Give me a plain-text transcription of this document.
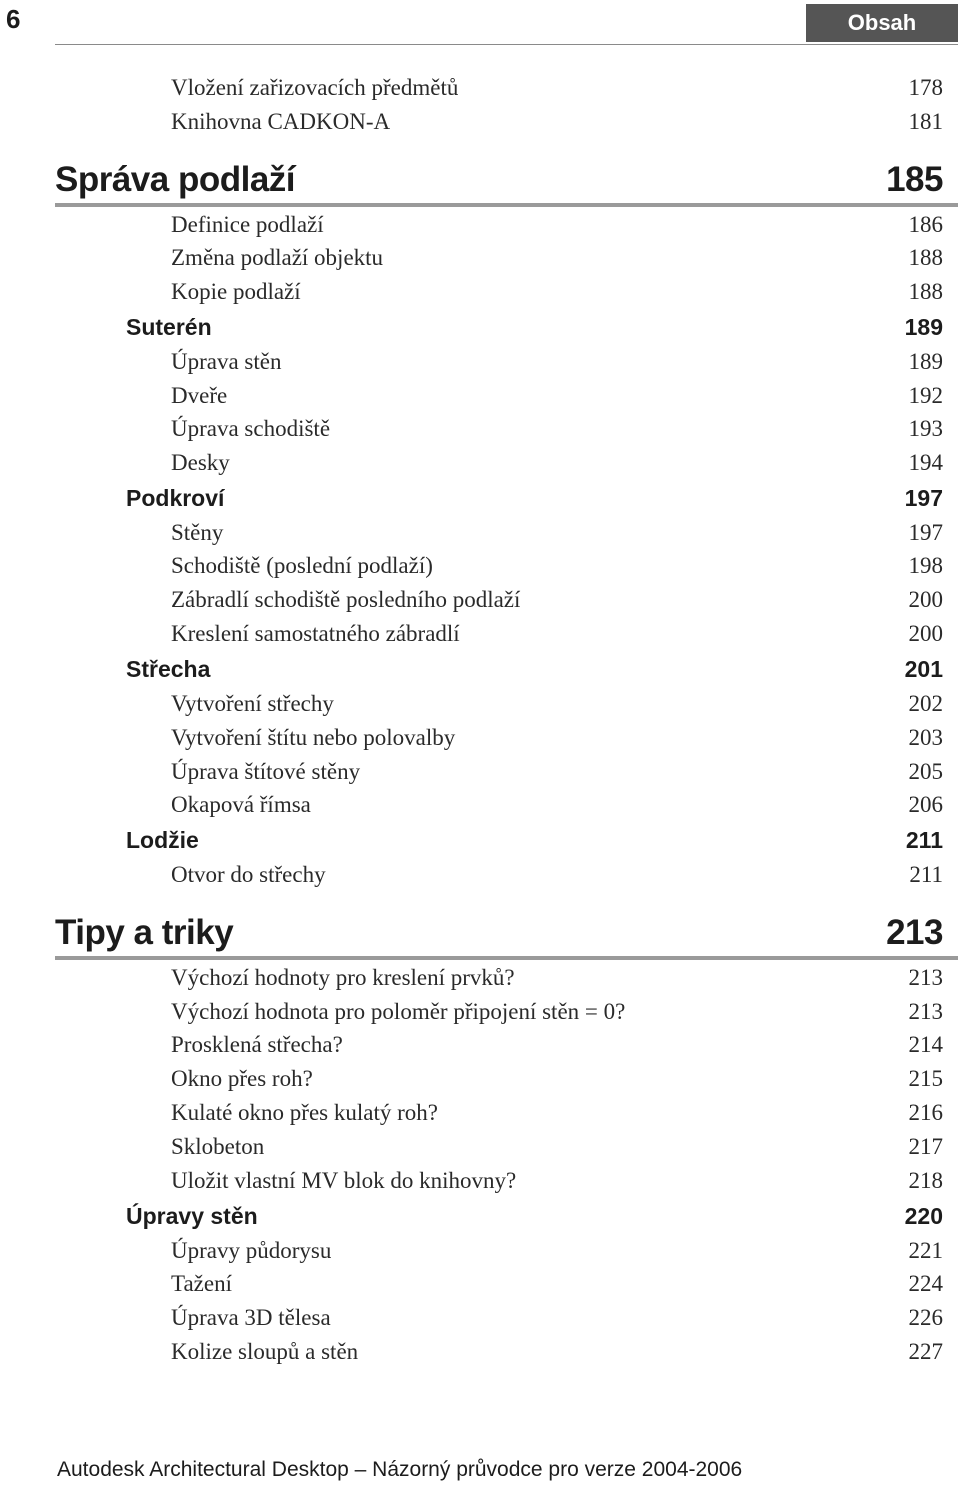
6	Obsah
Vložení zařizovacích předmětů	178
Knihovna CADKON-A	181
Správa podlaží	185
Definice podlaží	186
Změna podlaží objektu	188
Kopie podlaží	188
Suterén	189
Úprava stěn	189
Dveře	192
Úprava schodiště	193
Desky	194
Podkroví	197
Stěny	197
Schodiště (poslední podlaží)	198
Zábradlí schodiště posledního podlaží	200
Kreslení samostatného zábradlí	200
Střecha	201
Vytvoření střechy	202
Vytvoření štítu nebo polovalby	203
Úprava štítové stěny	205
Okapová římsa	206
Lodžie	211
Otvor do střechy	211
Tipy a triky	213
Výchozí hodnoty pro kreslení prvků?	213
Výchozí hodnota pro poloměr připojení stěn = 0?	213
Prosklená střecha?	214
Okno přes roh?	215
Kulaté okno přes kulatý roh?	216
Sklobeton	217
Uložit vlastní MV blok do knihovny?	218
Úpravy stěn	220
Úpravy půdorysu	221
Tažení	224
Úprava 3D tělesa	226
Kolize sloupů a stěn	227
Autodesk Architectural Desktop – Názorný průvodce pro verze 2004-2006
